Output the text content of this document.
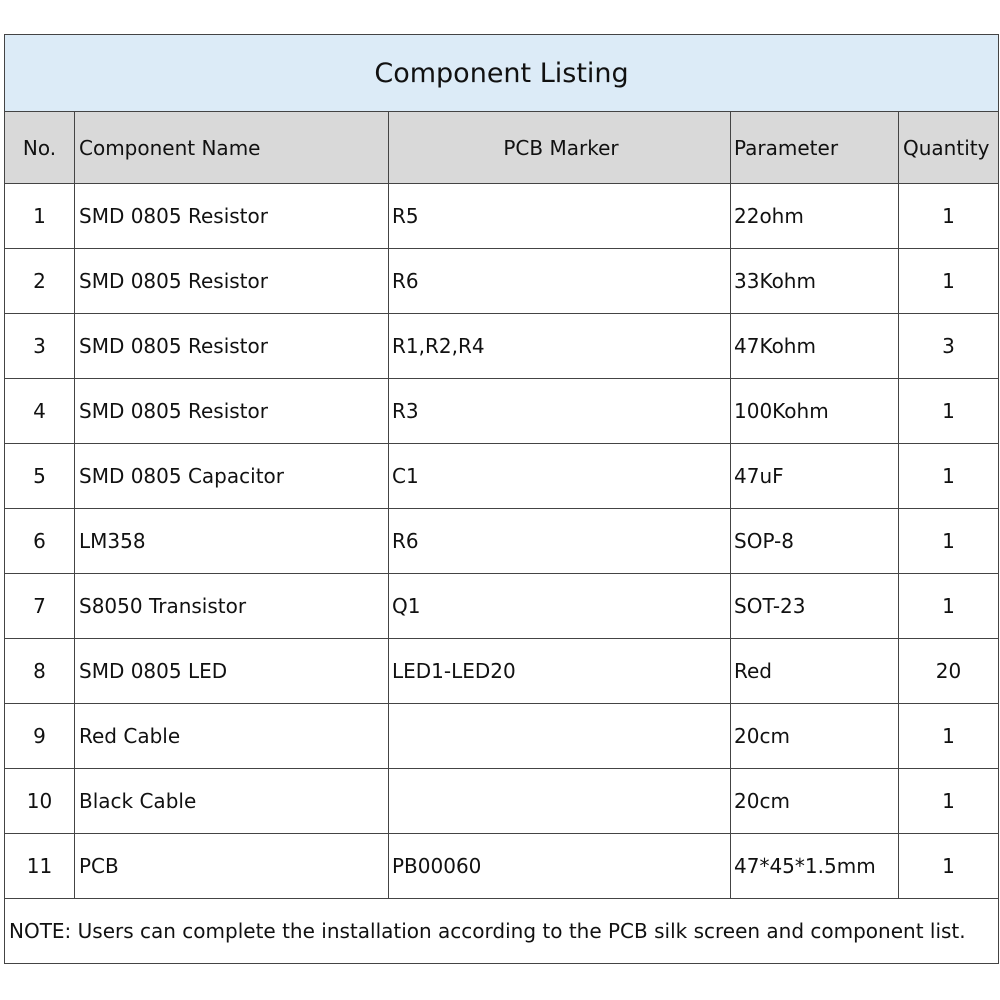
Component Listing				
No.	Component Name	PCB Marker	Parameter	Quantity
1	SMD 0805 Resistor	R5	22ohm	1
2	SMD 0805 Resistor	R6	33Kohm	1
3	SMD 0805 Resistor	R1,R2,R4	47Kohm	3
4	SMD 0805 Resistor	R3	100Kohm	1
5	SMD 0805 Capacitor	C1	47uF	1
6	LM358	R6	SOP-8	1
7	S8050 Transistor	Q1	SOT-23	1
8	SMD 0805 LED	LED1-LED20	Red	20
9	Red Cable		20cm	1
10	Black Cable		20cm	1
11	PCB	PB00060	47*45*1.5mm	1
NOTE: Users can complete the installation according to the PCB silk screen and component list.				
